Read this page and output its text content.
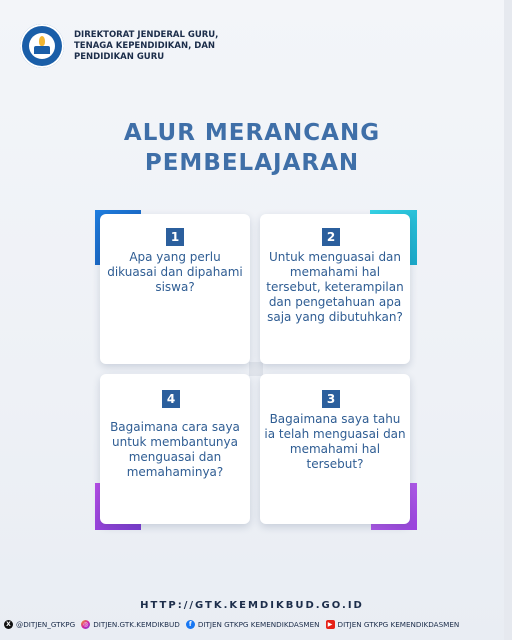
DIREKTORAT JENDERAL GURU,
TENAGA KEPENDIDIKAN, DAN
PENDIDIKAN GURU
ALUR MERANCANG
PEMBELAJARAN
1
Apa yang perlu dikuasai dan dipahami siswa?
2
Untuk menguasai dan memahami hal tersebut, keterampilan dan pengetahuan apa saja yang dibutuhkan?
4
Bagaimana cara saya untuk membantunya menguasai dan memahaminya?
3
Bagaimana saya tahu ia telah menguasai dan memahami hal tersebut?
HTTP://GTK.KEMDIKBUD.GO.ID
X @DITJEN_GTKPG	◎ DITJEN.GTK.KEMDIKBUD	f DITJEN GTKPG KEMENDIKDASMEN	▶ DITJEN GTKPG KEMENDIKDASMEN
